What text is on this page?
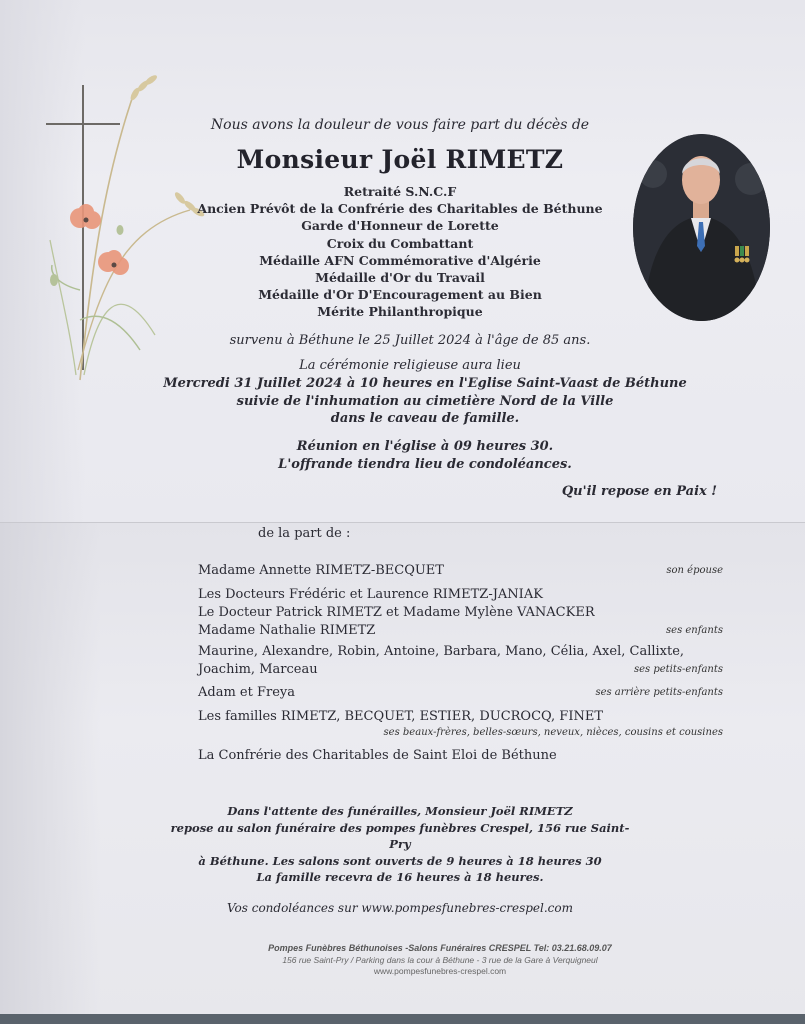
Nous avons la douleur de vous faire part du décès de
Monsieur Joël RIMETZ
Retraité S.N.C.F
Ancien Prévôt de la Confrérie des Charitables de Béthune
Garde d'Honneur de Lorette
Croix du Combattant
Médaille AFN Commémorative d'Algérie
Médaille d'Or du Travail
Médaille d'Or D'Encouragement au Bien
Mérite Philanthropique
survenu à Béthune le 25 Juillet 2024 à l'âge de 85 ans.
La cérémonie religieuse aura lieu
Mercredi 31 Juillet 2024 à 10 heures en l'Eglise Saint-Vaast de Béthune
suivie de l'inhumation au cimetière Nord de la Ville
dans le caveau de famille.
Réunion en l'église à 09 heures 30.
L'offrande tiendra lieu de condoléances.
Qu'il repose en Paix !
de la part de :
Madame Annette RIMETZ-BECQUET	son épouse
Les Docteurs Frédéric et Laurence RIMETZ-JANIAK
Le Docteur Patrick RIMETZ et Madame Mylène VANACKER
Madame Nathalie RIMETZ	ses enfants
Maurine, Alexandre, Robin, Antoine, Barbara, Mano, Célia, Axel, Callixte,
Joachim, Marceau	ses petits-enfants
Adam et Freya	ses arrière petits-enfants
Les familles RIMETZ, BECQUET, ESTIER, DUCROCQ, FINET
ses beaux-frères, belles-sœurs, neveux, nièces, cousins et cousines
La Confrérie des Charitables de Saint Eloi de Béthune
Dans l'attente des funérailles, Monsieur Joël RIMETZ
repose au salon funéraire des pompes funèbres Crespel, 156 rue Saint-Pry
à Béthune. Les salons sont ouverts de 9 heures à 18 heures 30
La famille recevra de 16 heures à 18 heures.
Vos condoléances sur www.pompesfunebres-crespel.com
Pompes Funèbres Béthunoises -Salons Funéraires CRESPEL Tel: 03.21.68.09.07
156 rue Saint-Pry / Parking dans la cour à Béthune - 3 rue de la Gare à Verquigneul
www.pompesfunebres-crespel.com
